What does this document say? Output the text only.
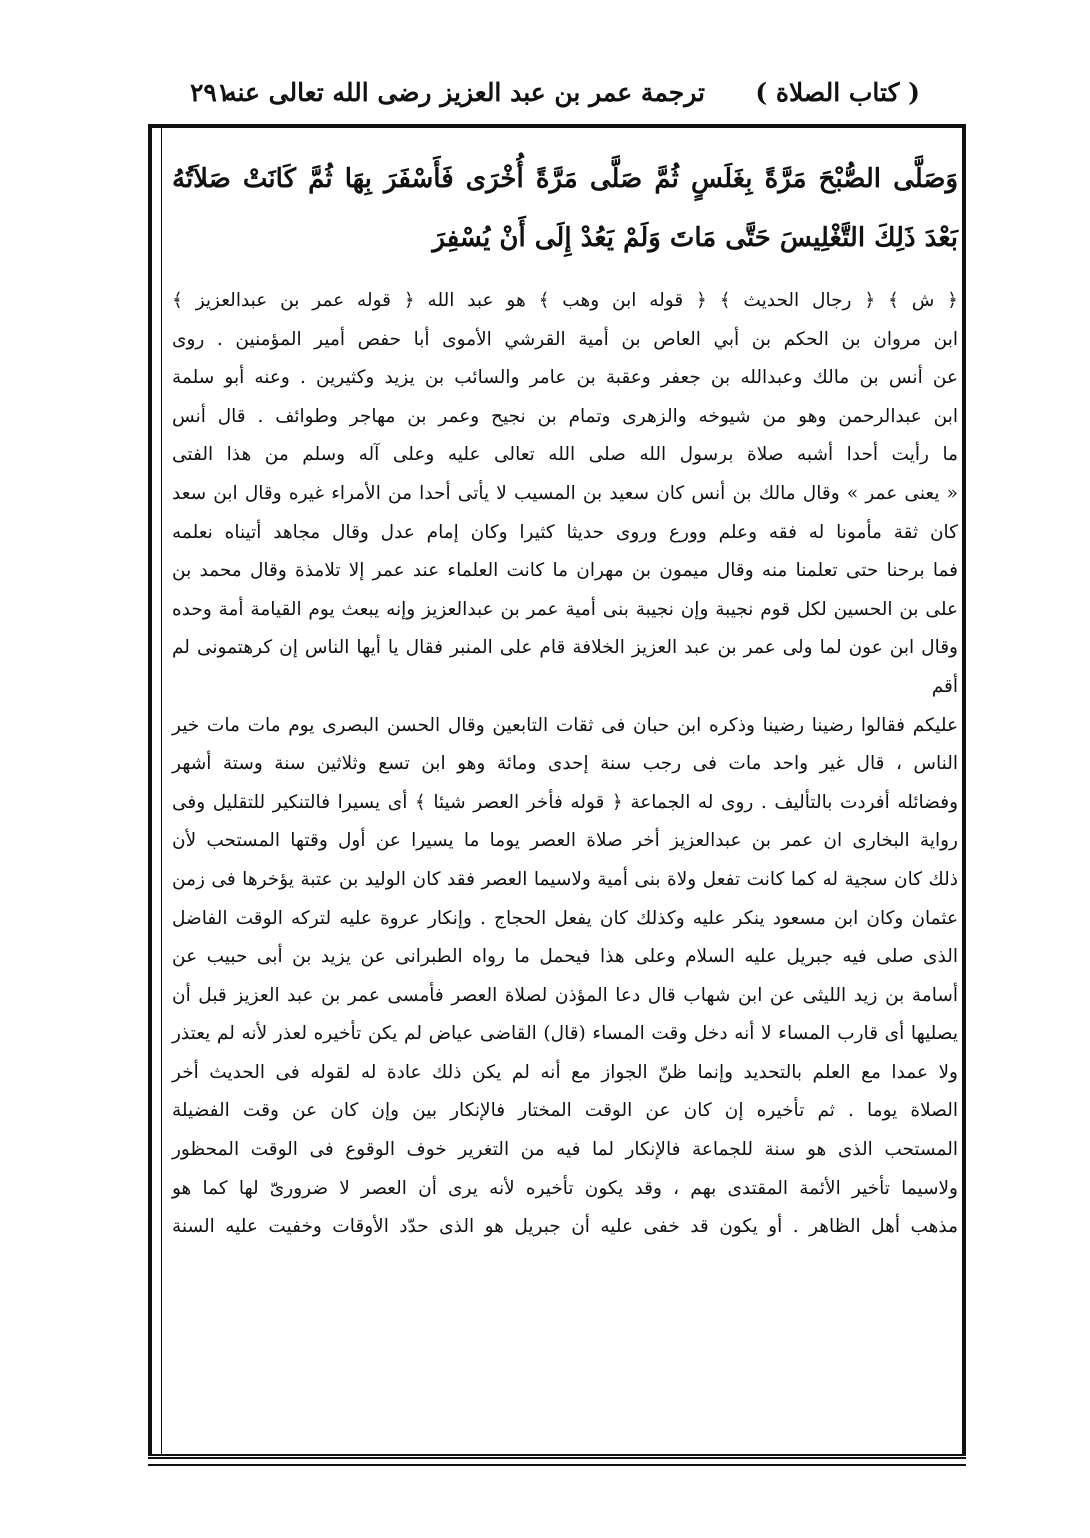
( كتاب الصلاة )
ترجمة عمر بن عبد العزيز رضى الله تعالى عنه
٢٩١
وَصَلَّى الصُّبْحَ مَرَّةً بِغَلَسٍ ثُمَّ صَلَّى مَرَّةً أُخْرَى فَأَسْفَرَ بِهَا ثُمَّ كَانَتْ صَلاَتُهُ بَعْدَ ذَلِكَ التَّغْلِيسَ حَتَّى مَاتَ وَلَمْ يَعُدْ إِلَى أَنْ يُسْفِرَ

﴿ ش ﴾ ﴿ رجال الحديث ﴾ ﴿ قوله ابن وهب ﴾ هو عبد الله ﴿ قوله عمر بن عبدالعزيز ﴾

ابن مروان بن الحكم بن أبي العاص بن أمية القرشي الأموى أبا حفص أمير المؤمنين . روى

عن أنس بن مالك وعبدالله بن جعفر وعقبة بن عامر والسائب بن يزيد وكثيرين . وعنه أبو سلمة

ابن عبدالرحمن وهو من شيوخه والزهرى وتمام بن نجيح وعمر بن مهاجر وطوائف . قال أنس

ما رأيت أحدا أشبه صلاة برسول الله صلى الله تعالى عليه وعلى آله وسلم من هذا الفتى

« يعنى عمر » وقال مالك بن أنس كان سعيد بن المسيب لا يأتى أحدا من الأمراء غيره وقال ابن سعد

كان ثقة مأمونا له فقه وعلم وورع وروى حديثا كثيرا وكان إمام عدل وقال مجاهد أتيناه نعلمه

فما برحنا حتى تعلمنا منه وقال ميمون بن مهران ما كانت العلماء عند عمر إلا تلامذة وقال محمد بن

على بن الحسين لكل قوم نجيبة وإن نجيبة بنى أمية عمر بن عبدالعزيز وإنه يبعث يوم القيامة أمة وحده

وقال ابن عون لما ولى عمر بن عبد العزيز الخلافة قام على المنبر فقال يا أيها الناس إن كرهتمونى لم أقم

عليكم فقالوا رضينا رضينا وذكره ابن حبان فى ثقات التابعين وقال الحسن البصرى يوم مات مات خير

الناس ، قال غير واحد مات فى رجب سنة إحدى ومائة وهو ابن تسع وثلاثين سنة وستة أشهر

وفضائله أفردت بالتأليف . روى له الجماعة ﴿ قوله فأخر العصر شيئا ﴾ أى يسيرا فالتنكير للتقليل وفى

رواية البخارى ان عمر بن عبدالعزيز أخر صلاة العصر يوما ما يسيرا عن أول وقتها المستحب لأن

ذلك كان سجية له كما كانت تفعل ولاة بنى أمية ولاسيما العصر فقد كان الوليد بن عتبة يؤخرها فى زمن

عثمان وكان ابن مسعود ينكر عليه وكذلك كان يفعل الحجاج . وإنكار عروة عليه لتركه الوقت الفاضل

الذى صلى فيه جبريل عليه السلام وعلى هذا فيحمل ما رواه الطبرانى عن يزيد بن أبى حبيب عن

أسامة بن زيد الليثى عن ابن شهاب قال دعا المؤذن لصلاة العصر فأمسى عمر بن عبد العزيز قبل أن

يصليها أى قارب المساء لا أنه دخل وقت المساء (قال) القاضى عياض لم يكن تأخيره لعذر لأنه لم يعتذر

ولا عمدا مع العلم بالتحديد وإنما ظنّ الجواز مع أنه لم يكن ذلك عادة له لقوله فى الحديث أخر

الصلاة يوما . ثم تأخيره إن كان عن الوقت المختار فالإنكار بين وإن كان عن وقت الفضيلة

المستحب الذى هو سنة للجماعة فالإنكار لما فيه من التغرير خوف الوقوع فى الوقت المحظور

ولاسيما تأخير الأئمة المقتدى بهم ، وقد يكون تأخيره لأنه يرى أن العصر لا ضرورىّ لها كما هو

مذهب أهل الظاهر . أو يكون قد خفى عليه أن جبريل هو الذى حدّد الأوقات وخفيت عليه السنة
